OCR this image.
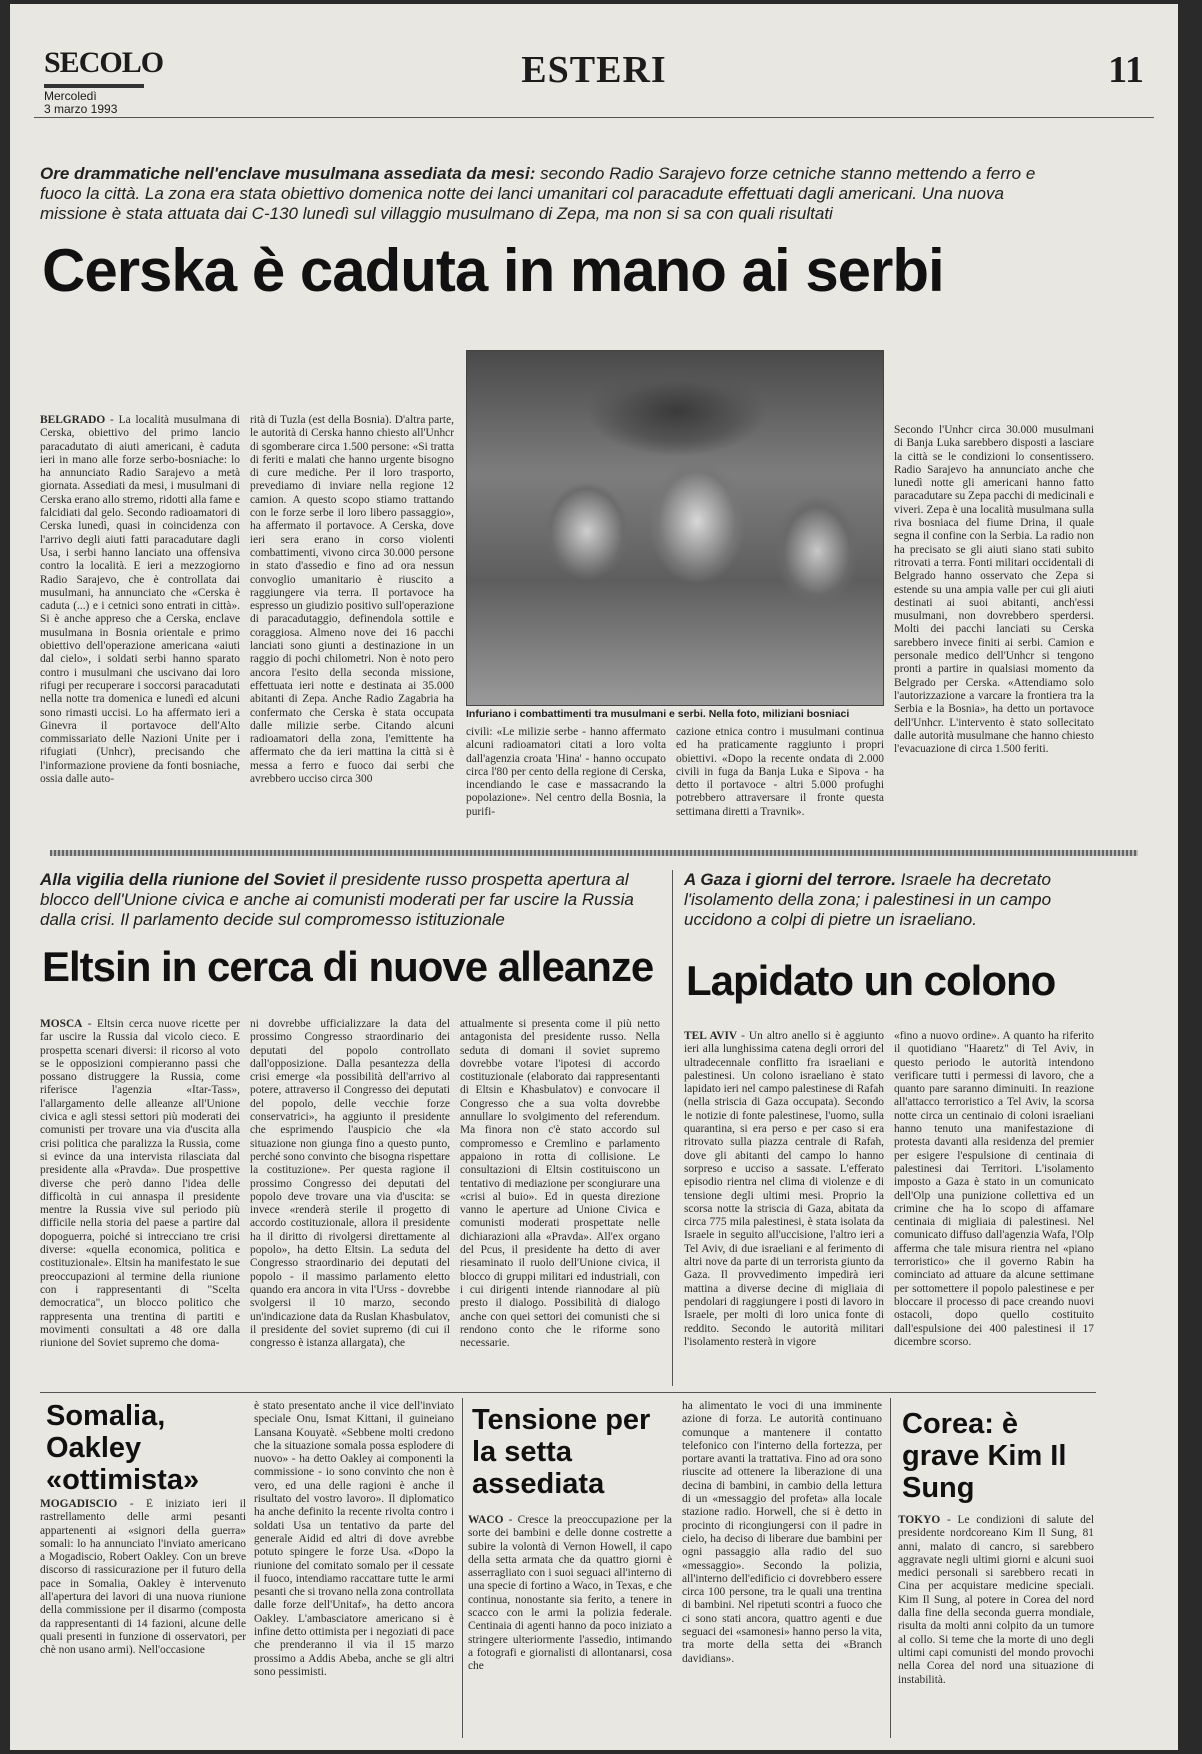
SECOLO
Mercoledì
3 marzo 1993
ESTERI	11
Ore drammatiche nell'enclave musulmana assediata da mesi: secondo Radio Sarajevo forze cetniche stanno mettendo a ferro e fuoco la città. La zona era stata obiettivo domenica notte dei lanci umanitari col paracadute effettuati dagli americani. Una nuova missione è stata attuata dai C-130 lunedì sul villaggio musulmano di Zepa, ma non si sa con quali risultati
Cerska è caduta in mano ai serbi
BELGRADO - La località musulmana di Cerska, obiettivo del primo lancio paracadutato di aiuti americani, è caduta ieri in mano alle forze serbo-bosniache: lo ha annunciato Radio Sarajevo a metà giornata. Assediati da mesi, i musulmani di Cerska erano allo stremo, ridotti alla fame e falcidiati dal gelo. Secondo radioamatori di Cerska lunedì, quasi in coincidenza con l'arrivo degli aiuti fatti paracadutare dagli Usa, i serbi hanno lanciato una offensiva contro la località. E ieri a mezzogiorno Radio Sarajevo, che è controllata dai musulmani, ha annunciato che «Cerska è caduta (...) e i cetnici sono entrati in città». Si è anche appreso che a Cerska, enclave musulmana in Bosnia orientale e primo obiettivo dell'operazione americana «aiuti dal cielo», i soldati serbi hanno sparato contro i musulmani che uscivano dai loro rifugi per recuperare i soccorsi paracadutati nella notte tra domenica e lunedì ed alcuni sono rimasti uccisi. Lo ha affermato ieri a Ginevra il portavoce dell'Alto commissariato delle Nazioni Unite per i rifugiati (Unhcr), precisando che l'informazione proviene da fonti bosniache, ossia dalle auto-
rità di Tuzla (est della Bosnia). D'altra parte, le autorità di Cerska hanno chiesto all'Unhcr di sgomberare circa 1.500 persone: «Si tratta di feriti e malati che hanno urgente bisogno di cure mediche. Per il loro trasporto, prevediamo di inviare nella regione 12 camion. A questo scopo stiamo trattando con le forze serbe il loro libero passaggio», ha affermato il portavoce. A Cerska, dove ieri sera erano in corso violenti combattimenti, vivono circa 30.000 persone in stato d'assedio e fino ad ora nessun convoglio umanitario è riuscito a raggiungere via terra. Il portavoce ha espresso un giudizio positivo sull'operazione di paracadutaggio, definendola sottile e coraggiosa. Almeno nove dei 16 pacchi lanciati sono giunti a destinazione in un raggio di pochi chilometri. Non è noto pero ancora l'esito della seconda missione, effettuata ieri notte e destinata ai 35.000 abitanti di Zepa. Anche Radio Zagabria ha confermato che Cerska è stata occupata dalle milizie serbe. Citando alcuni radioamatori della zona, l'emittente ha affermato che da ieri mattina la città si è messa a ferro e fuoco dai serbi che avrebbero ucciso circa 300
Infuriano i combattimenti tra musulmani e serbi. Nella foto, miliziani bosniaci
civili: «Le milizie serbe - hanno affermato alcuni radioamatori citati a loro volta dall'agenzia croata 'Hina' - hanno occupato circa l'80 per cento della regione di Cerska, incendiando le case e massacrando la popolazione». Nel centro della Bosnia, la purifi-
cazione etnica contro i musulmani continua ed ha praticamente raggiunto i propri obiettivi. «Dopo la recente ondata di 2.000 civili in fuga da Banja Luka e Sipova - ha detto il portavoce - altri 5.000 profughi potrebbero attraversare il fronte questa settimana diretti a Travnik».
Secondo l'Unhcr circa 30.000 musulmani di Banja Luka sarebbero disposti a lasciare la città se le condizioni lo consentissero. Radio Sarajevo ha annunciato anche che lunedì notte gli americani hanno fatto paracadutare su Zepa pacchi di medicinali e viveri. Zepa è una località musulmana sulla riva bosniaca del fiume Drina, il quale segna il confine con la Serbia. La radio non ha precisato se gli aiuti siano stati subito ritrovati a terra. Fonti militari occidentali di Belgrado hanno osservato che Zepa si estende su una ampia valle per cui gli aiuti destinati ai suoi abitanti, anch'essi musulmani, non dovrebbero sperdersi. Molti dei pacchi lanciati su Cerska sarebbero invece finiti ai serbi. Camion e personale medico dell'Unhcr si tengono pronti a partire in qualsiasi momento da Belgrado per Cerska. «Attendiamo solo l'autorizzazione a varcare la frontiera tra la Serbia e la Bosnia», ha detto un portavoce dell'Unhcr. L'intervento è stato sollecitato dalle autorità musulmane che hanno chiesto l'evacuazione di circa 1.500 feriti.
Alla vigilia della riunione del Soviet il presidente russo prospetta apertura al blocco dell'Unione civica e anche ai comunisti moderati per far uscire la Russia dalla crisi. Il parlamento decide sul compromesso istituzionale
Eltsin in cerca di nuove alleanze
MOSCA - Eltsin cerca nuove ricette per far uscire la Russia dal vicolo cieco. E prospetta scenari diversi: il ricorso al voto se le opposizioni compieranno passi che possano distruggere la Russia, come riferisce l'agenzia «Itar-Tass», l'allargamento delle alleanze all'Unione civica e agli stessi settori più moderati dei comunisti per trovare una via d'uscita alla crisi politica che paralizza la Russia, come si evince da una intervista rilasciata dal presidente alla «Pravda». Due prospettive diverse che però danno l'idea delle difficoltà in cui annaspa il presidente mentre la Russia vive sul periodo più difficile nella storia del paese a partire dal dopoguerra, poiché si intrecciano tre crisi diverse: «quella economica, politica e costituzionale». Eltsin ha manifestato le sue preoccupazioni al termine della riunione con i rappresentanti di "Scelta democratica", un blocco politico che rappresenta una trentina di partiti e movimenti consultati a 48 ore dalla riunione del Soviet supremo che doma-
ni dovrebbe ufficializzare la data del prossimo Congresso straordinario dei deputati del popolo controllato dall'opposizione. Dalla pesantezza della crisi emerge «la possibilità dell'arrivo al potere, attraverso il Congresso dei deputati del popolo, delle vecchie forze conservatrici», ha aggiunto il presidente che esprimendo l'auspicio che «la situazione non giunga fino a questo punto, perché sono convinto che bisogna rispettare la costituzione». Per questa ragione il prossimo Congresso dei deputati del popolo deve trovare una via d'uscita: se invece «renderà sterile il progetto di accordo costituzionale, allora il presidente ha il diritto di rivolgersi direttamente al popolo», ha detto Eltsin. La seduta del Congresso straordinario dei deputati del popolo - il massimo parlamento eletto quando era ancora in vita l'Urss - dovrebbe svolgersi il 10 marzo, secondo un'indicazione data da Ruslan Khasbulatov, il presidente del soviet supremo (di cui il congresso è istanza allargata), che
attualmente si presenta come il più netto antagonista del presidente russo. Nella seduta di domani il soviet supremo dovrebbe votare l'ipotesi di accordo costituzionale (elaborato dai rappresentanti di Eltsin e Khasbulatov) e convocare il Congresso che a sua volta dovrebbe annullare lo svolgimento del referendum. Ma finora non c'è stato accordo sul compromesso e Cremlino e parlamento appaiono in rotta di collisione. Le consultazioni di Eltsin costituiscono un tentativo di mediazione per scongiurare una «crisi al buio». Ed in questa direzione vanno le aperture ad Unione Civica e comunisti moderati prospettate nelle dichiarazioni alla «Pravda». All'ex organo del Pcus, il presidente ha detto di aver riesaminato il ruolo dell'Unione civica, il blocco di gruppi militari ed industriali, con i cui dirigenti intende riannodare al più presto il dialogo. Possibilità di dialogo anche con quei settori dei comunisti che si rendono conto che le riforme sono necessarie.
A Gaza i giorni del terrore. Israele ha decretato l'isolamento della zona; i palestinesi in un campo uccidono a colpi di pietre un israeliano.
Lapidato un colono
TEL AVIV - Un altro anello si è aggiunto ieri alla lunghissima catena degli orrori del ultradecennale conflitto fra israeliani e palestinesi. Un colono israeliano è stato lapidato ieri nel campo palestinese di Rafah (nella striscia di Gaza occupata). Secondo le notizie di fonte palestinese, l'uomo, sulla quarantina, si era perso e per caso si era ritrovato sulla piazza centrale di Rafah, dove gli abitanti del campo lo hanno sorpreso e ucciso a sassate. L'efferato episodio rientra nel clima di violenze e di tensione degli ultimi mesi. Proprio la scorsa notte la striscia di Gaza, abitata da circa 775 mila palestinesi, è stata isolata da Israele in seguito all'uccisione, l'altro ieri a Tel Aviv, di due israeliani e al ferimento di altri nove da parte di un terrorista giunto da Gaza. Il provvedimento impedirà ieri mattina a diverse decine di migliaia di pendolari di raggiungere i posti di lavoro in Israele, per molti di loro unica fonte di reddito. Secondo le autorità militari l'isolamento resterà in vigore
«fino a nuovo ordine». A quanto ha riferito il quotidiano "Haaretz" di Tel Aviv, in questo periodo le autorità intendono verificare tutti i permessi di lavoro, che a quanto pare saranno diminuiti. In reazione all'attacco terroristico a Tel Aviv, la scorsa notte circa un centinaio di coloni israeliani hanno tenuto una manifestazione di protesta davanti alla residenza del premier per esigere l'espulsione di centinaia di palestinesi dai Territori. L'isolamento imposto a Gaza è stato in un comunicato dell'Olp una punizione collettiva ed un crimine che ha lo scopo di affamare centinaia di migliaia di palestinesi. Nel comunicato diffuso dall'agenzia Wafa, l'Olp afferma che tale misura rientra nel «piano terroristico» che il governo Rabin ha cominciato ad attuare da alcune settimane per sottomettere il popolo palestinese e per bloccare il processo di pace creando nuovi ostacoli, dopo quello costituito dall'espulsione dei 400 palestinesi il 17 dicembre scorso.
Somalia, Oakley «ottimista»
MOGADISCIO - È iniziato ieri il rastrellamento delle armi pesanti appartenenti ai «signori della guerra» somali: lo ha annunciato l'inviato americano a Mogadiscio, Robert Oakley. Con un breve discorso di rassicurazione per il futuro della pace in Somalia, Oakley è intervenuto all'apertura dei lavori di una nuova riunione della commissione per il disarmo (composta da rappresentanti di 14 fazioni, alcune delle quali presenti in funzione di osservatori, per chè non usano armi). Nell'occasione
è stato presentato anche il vice dell'inviato speciale Onu, Ismat Kittani, il guineiano Lansana Kouyatè. «Sebbene molti credono che la situazione somala possa esplodere di nuovo» - ha detto Oakley ai componenti la commissione - io sono convinto che non è vero, ed una delle ragioni è anche il risultato del vostro lavoro». Il diplomatico ha anche definito la recente rivolta contro i soldati Usa un tentativo da parte del generale Aidid ed altri di dove avrebbe potuto spingere le forze Usa. «Dopo la riunione del comitato somalo per il cessate il fuoco, intendiamo raccattare tutte le armi pesanti che si trovano nella zona controllata dalle forze dell'Unitaf», ha detto ancora Oakley. L'ambasciatore americano si è infine detto ottimista per i negoziati di pace che prenderanno il via il 15 marzo prossimo a Addis Abeba, anche se gli altri sono pessimisti.
Tensione per la setta assediata
WACO - Cresce la preoccupazione per la sorte dei bambini e delle donne costrette a subire la volontà di Vernon Howell, il capo della setta armata che da quattro giorni è asserragliato con i suoi seguaci all'interno di una specie di fortino a Waco, in Texas, e che continua, nonostante sia ferito, a tenere in scacco con le armi la polizia federale. Centinaia di agenti hanno da poco iniziato a stringere ulteriormente l'assedio, intimando a fotografi e giornalisti di allontanarsi, cosa che
ha alimentato le voci di una imminente azione di forza. Le autorità continuano comunque a mantenere il contatto telefonico con l'interno della fortezza, per portare avanti la trattativa. Fino ad ora sono riuscite ad ottenere la liberazione di una decina di bambini, in cambio della lettura di un «messaggio del profeta» alla locale stazione radio. Horwell, che si è detto in procinto di ricongiungersi con il padre in cielo, ha deciso di liberare due bambini per ogni passaggio alla radio del suo «messaggio». Secondo la polizia, all'interno dell'edificio ci dovrebbero essere circa 100 persone, tra le quali una trentina di bambini. Nel ripetuti scontri a fuoco che ci sono stati ancora, quattro agenti e due seguaci dei «samonesi» hanno perso la vita, tra morte della setta dei «Branch davidians».
Corea: è grave Kim Il Sung
TOKYO - Le condizioni di salute del presidente nordcoreano Kim Il Sung, 81 anni, malato di cancro, si sarebbero aggravate negli ultimi giorni e alcuni suoi medici personali si sarebbero recati in Cina per acquistare medicine speciali. Kim Il Sung, al potere in Corea del nord dalla fine della seconda guerra mondiale, risulta da molti anni colpito da un tumore al collo. Si teme che la morte di uno degli ultimi capi comunisti del mondo provochi nella Corea del nord una situazione di instabilità.
